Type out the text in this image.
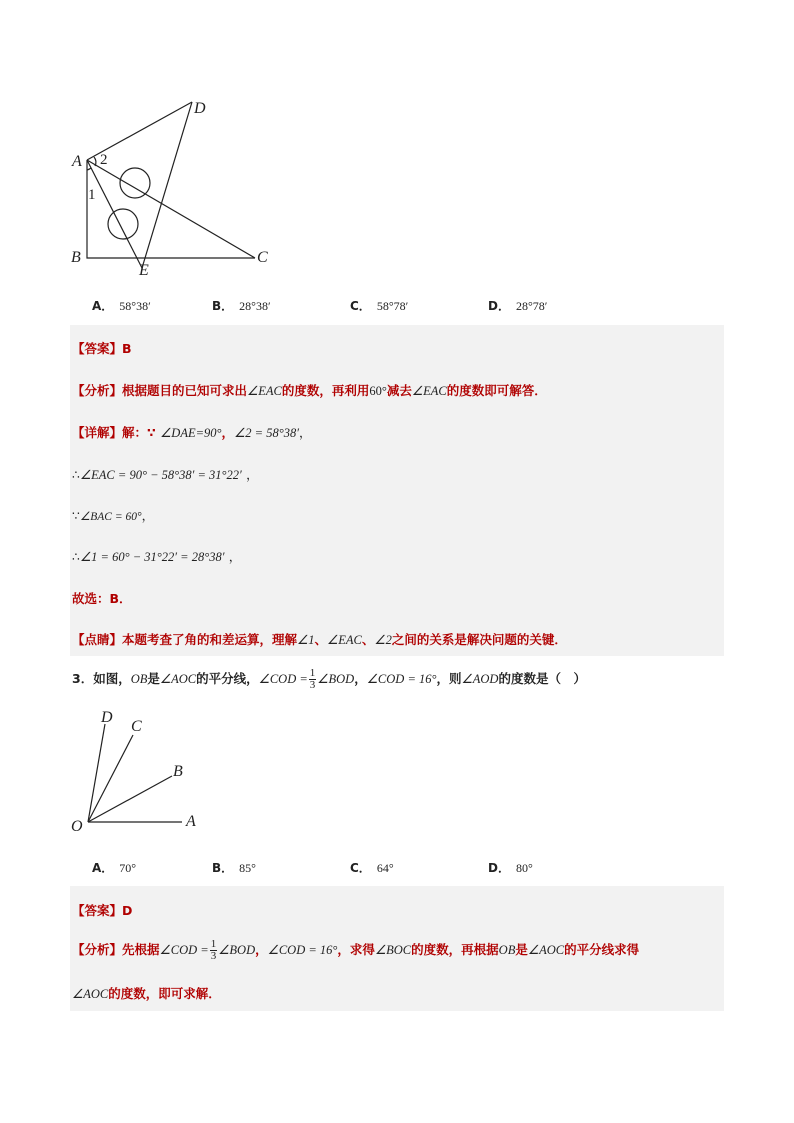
A 2
1
B
E
C
D
A． 58°38′	B． 28°38′	C． 58°78′	D． 28°78′
【答案】B
【分析】根据题目的已知可求出∠EAC的度数，再利用60°减去∠EAC的度数即可解答．
【详解】解：∵ ∠DAE=90°，∠2 = 58°38′，
∴∠EAC = 90° − 58°38′ = 31°22′ ，
∵∠BAC = 60°，
∴∠1 = 60° − 31°22′ = 28°38′ ，
故选：B．
【点睛】本题考查了角的和差运算，理解∠1、∠EAC、∠2之间的关系是解决问题的关键．
3．如图，OB是∠AOC的平分线，∠COD = $\frac{1}{3}$ ∠BOD，∠COD = 16°，则∠AOD的度数是（　）
O	A
B
C
D
A． 70°	B． 85°	C． 64°	D． 80°
【答案】D
【分析】先根据∠COD = $\frac{1}{3}$ ∠BOD，∠COD = 16°，求得∠BOC的度数，再根据OB是∠AOC的平分线求得
∠AOC的度数，即可求解．
